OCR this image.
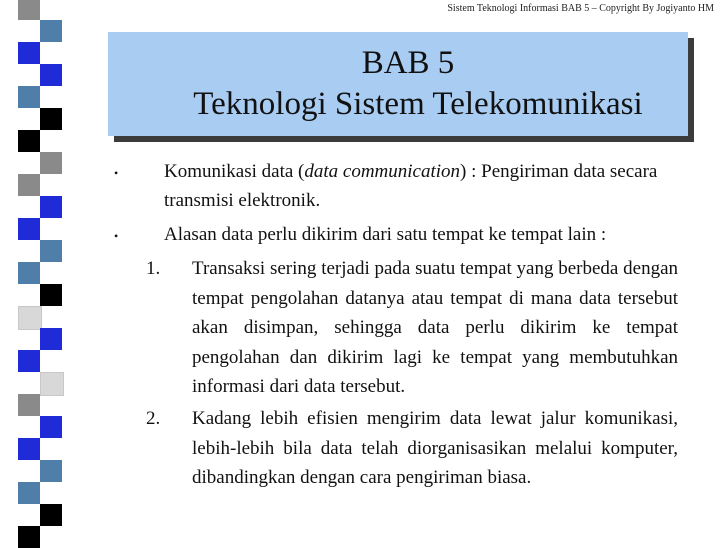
Sistem Teknologi Informasi BAB 5 – Copyright By Jogiyanto HM
BAB 5
Teknologi Sistem Telekomunikasi
• Komunikasi data (data communication) : Pengiriman data secara transmisi elektronik.
• Alasan data perlu dikirim dari satu tempat ke tempat lain :
1. Transaksi sering terjadi pada suatu tempat yang berbeda dengan tempat pengolahan datanya atau tempat di mana data tersebut akan disimpan, sehingga data perlu dikirim ke tempat pengolahan dan dikirim lagi ke tempat yang membutuhkan informasi dari data tersebut.
2. Kadang lebih efisien mengirim data lewat jalur komunikasi, lebih-lebih bila data telah diorganisasikan melalui komputer, dibandingkan dengan cara pengiriman biasa.
